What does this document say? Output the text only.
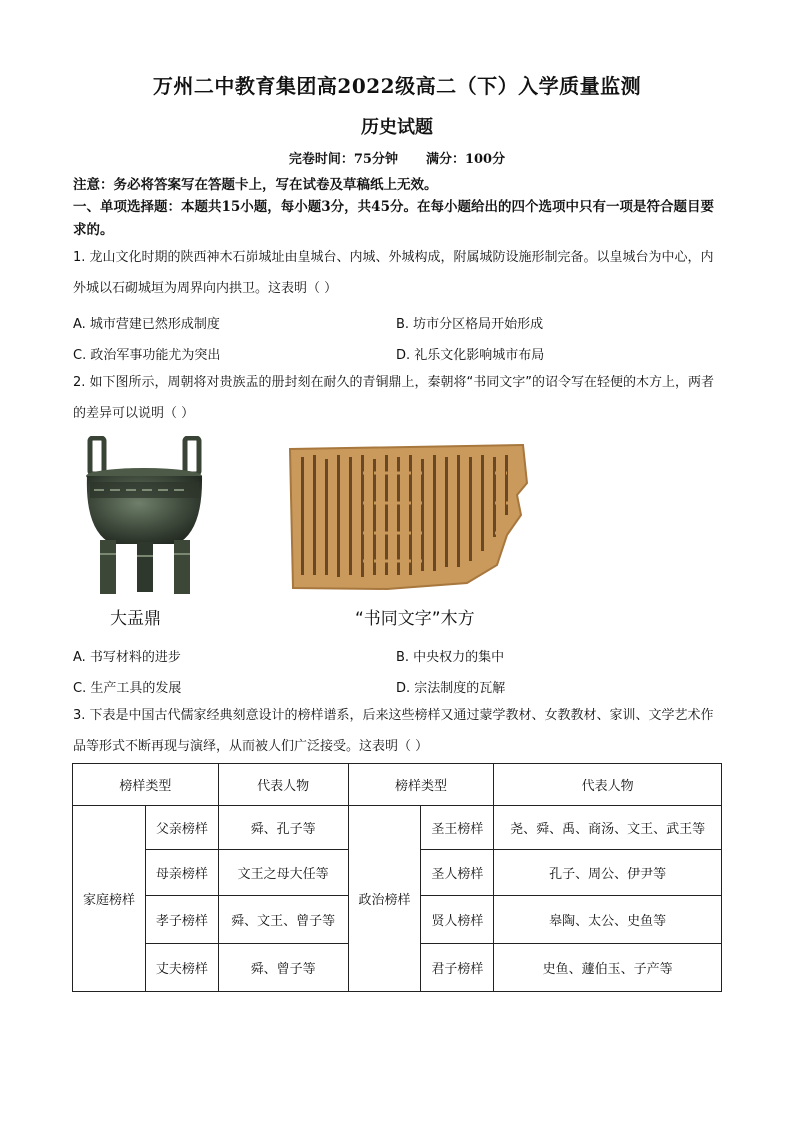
万州二中教育集团高2022级高二（下）入学质量监测
历史试题
完卷时间：75分钟 满分：100分
注意：务必将答案写在答题卡上，写在试卷及草稿纸上无效。
一、单项选择题：本题共15小题，每小题3分，共45分。在每小题给出的四个选项中只有一项是符合题目要求的。
1. 龙山文化时期的陕西神木石峁城址由皇城台、内城、外城构成，附属城防设施形制完备。以皇城台为中心，内外城以石砌城垣为周界向内拱卫。这表明（ ）
A. 城市营建已然形成制度	B. 坊市分区格局开始形成
C. 政治军事功能尤为突出	D. 礼乐文化影响城市布局
2. 如下图所示，周朝将对贵族盂的册封刻在耐久的青铜鼎上，秦朝将“书同文字”的诏令写在轻便的木方上，两者的差异可以说明（ ）
大盂鼎	“书同文字”木方
A. 书写材料的进步	B. 中央权力的集中
C. 生产工具的发展	D. 宗法制度的瓦解
3. 下表是中国古代儒家经典刻意设计的榜样谱系，后来这些榜样又通过蒙学教材、女教教材、家训、文学艺术作品等形式不断再现与演绎，从而被人们广泛接受。这表明（ ）
榜样类型		代表人物	榜样类型		代表人物
家庭榜样	父亲榜样	舜、孔子等	政治榜样	圣王榜样	尧、舜、禹、商汤、文王、武王等
	母亲榜样	文王之母大任等		圣人榜样	孔子、周公、伊尹等
	孝子榜样	舜、文王、曾子等		贤人榜样	皋陶、太公、史鱼等
	丈夫榜样	舜、曾子等		君子榜样	史鱼、蘧伯玉、子产等
